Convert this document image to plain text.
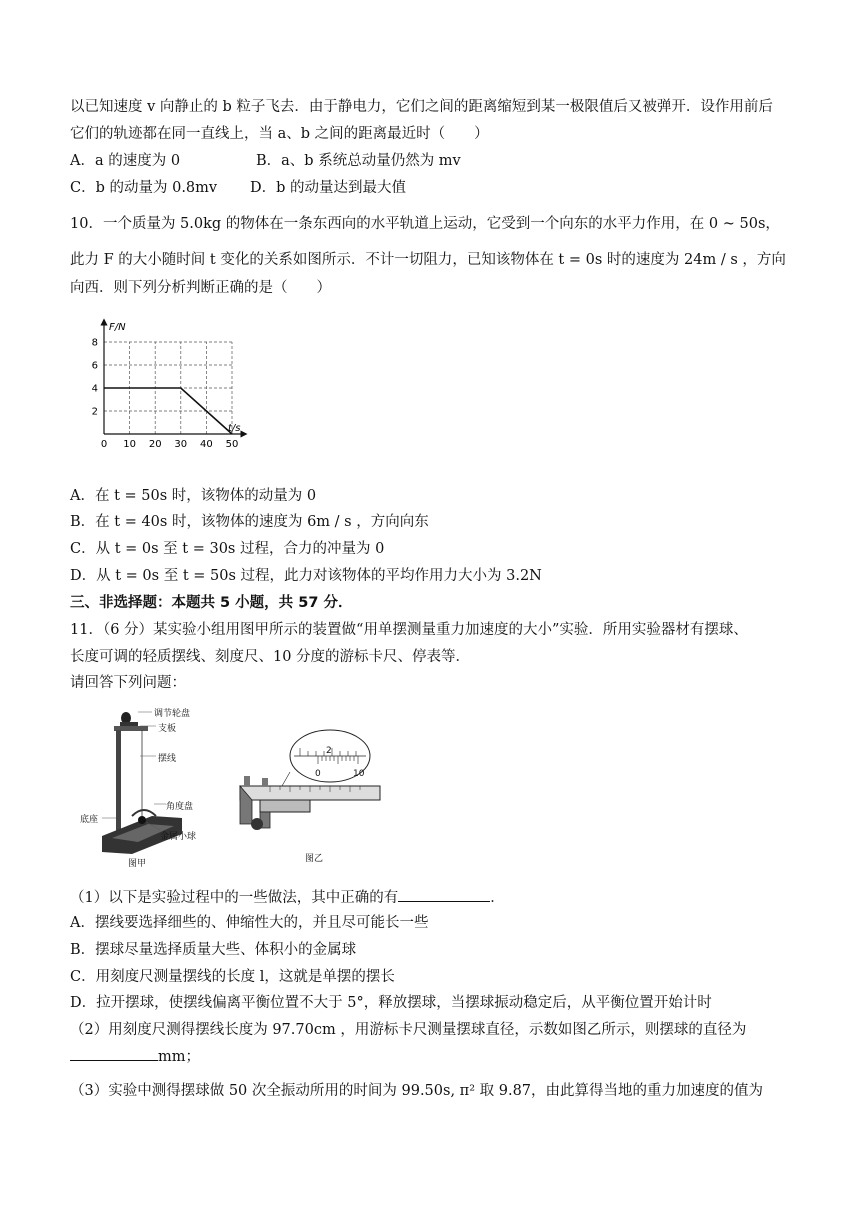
以已知速度 v 向静止的 b 粒子飞去．由于静电力，它们之间的距离缩短到某一极限值后又被弹开．设作用前后
它们的轨迹都在同一直线上，当 a、b 之间的距离最近时（　　）
A．a 的速度为 0	B．a、b 系统总动量仍然为 mv
C．b 的动量为 0.8mv D．b 的动量达到最大值
10．一个质量为 5.0kg 的物体在一条东西向的水平轨道上运动，它受到一个向东的水平力作用，在 0 ~ 50s，
此力 F 的大小随时间 t 变化的关系如图所示．不计一切阻力，已知该物体在 t = 0s 时的速度为 24m / s ，方向
向西．则下列分析判断正确的是（　　）
F/N
t/s
0 10 20 30 40 50
2
4
6
8
A．在 t = 50s 时，该物体的动量为 0
B．在 t = 40s 时，该物体的速度为 6m / s ，方向向东
C．从 t = 0s 至 t = 30s 过程，合力的冲量为 0
D．从 t = 0s 至 t = 50s 过程，此力对该物体的平均作用力大小为 3.2N
三、非选择题：本题共 5 小题，共 57 分．
11．（6 分）某实验小组用图甲所示的装置做“用单摆测量重力加速度的大小”实验．所用实验器材有摆球、
长度可调的轻质摆线、刻度尺、10 分度的游标卡尺、停表等．
请回答下列问题：
调节轮盘
支板
摆线
底座
角度盘
金属小球
图甲
2
0	10
图乙
（1）以下是实验过程中的一些做法，其中正确的有	．
A．摆线要选择细些的、伸缩性大的，并且尽可能长一些
B．摆球尽量选择质量大些、体积小的金属球
C．用刻度尺测量摆线的长度 l，这就是单摆的摆长
D．拉开摆球，使摆线偏离平衡位置不大于 5°，释放摆球，当摆球振动稳定后，从平衡位置开始计时
（2）用刻度尺测得摆线长度为 97.70cm ，用游标卡尺测量摆球直径，示数如图乙所示，则摆球的直径为
mm；
（3）实验中测得摆球做 50 次全振动所用的时间为 99.50s, π² 取 9.87，由此算得当地的重力加速度的值为
